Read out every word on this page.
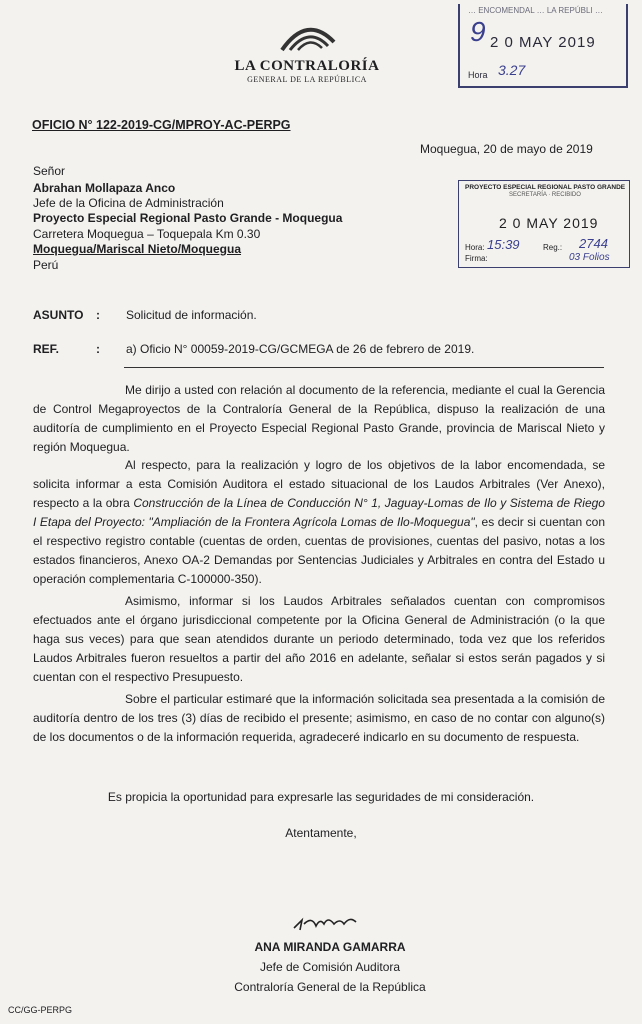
LA CONTRALORÍA
GENERAL DE LA REPÚBLICA
… ENCOMENDAL … LA REPÚBLI …
9 2 0 MAY 2019
Hora 3.27
PROYECTO ESPECIAL REGIONAL PASTO GRANDE
SECRETARÍA · RECIBIDO
2 0 MAY 2019
Hora: 15:39
Firma:
Reg.: 2744
03 Folios
OFICIO N° 122-2019-CG/MPROY-AC-PERPG
Moquegua, 20 de mayo de 2019
Señor
Abrahan Mollapaza Anco
Jefe de la Oficina de Administración
Proyecto Especial Regional Pasto Grande - Moquegua
Carretera Moquegua – Toquepala Km 0.30
Moquegua/Mariscal Nieto/Moquegua
Perú
ASUNTO : Solicitud de información.
REF.	: a) Oficio N° 00059-2019-CG/GCMEGA de 26 de febrero de 2019.
Me dirijo a usted con relación al documento de la referencia, mediante el cual la Gerencia de Control Megaproyectos de la Contraloría General de la República, dispuso la realización de una auditoría de cumplimiento en el Proyecto Especial Regional Pasto Grande, provincia de Mariscal Nieto y región Moquegua.
Al respecto, para la realización y logro de los objetivos de la labor encomendada, se solicita informar a esta Comisión Auditora el estado situacional de los Laudos Arbitrales (Ver Anexo), respecto a la obra Construcción de la Línea de Conducción N° 1, Jaguay-Lomas de Ilo y Sistema de Riego I Etapa del Proyecto: "Ampliación de la Frontera Agrícola Lomas de Ilo-Moquegua", es decir si cuentan con el respectivo registro contable (cuentas de orden, cuentas de provisiones, cuentas del pasivo, notas a los estados financieros, Anexo OA-2 Demandas por Sentencias Judiciales y Arbitrales en contra del Estado u operación complementaria C-100000-350).
Asimismo, informar si los Laudos Arbitrales señalados cuentan con compromisos efectuados ante el órgano jurisdiccional competente por la Oficina General de Administración (o la que haga sus veces) para que sean atendidos durante un periodo determinado, toda vez que los referidos Laudos Arbitrales fueron resueltos a partir del año 2016 en adelante, señalar si estos serán pagados y si cuentan con el respectivo Presupuesto.
Sobre el particular estimaré que la información solicitada sea presentada a la comisión de auditoría dentro de los tres (3) días de recibido el presente; asimismo, en caso de no contar con alguno(s) de los documentos o de la información requerida, agradeceré indicarlo en su documento de respuesta.
Es propicia la oportunidad para expresarle las seguridades de mi consideración.
Atentamente,
ANA MIRANDA GAMARRA
Jefe de Comisión Auditora
Contraloría General de la República
CC/GG-PERPG
